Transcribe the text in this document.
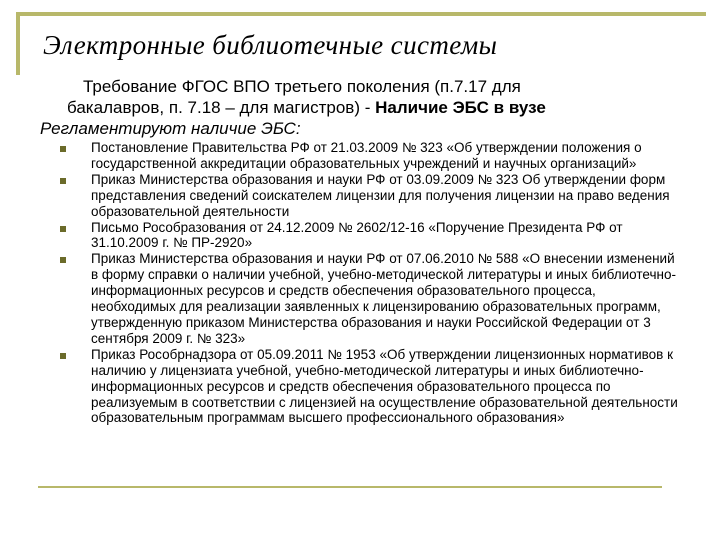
Электронные библиотечные системы
Требование ФГОС ВПО третьего поколения (п.7.17 для
бакалавров, п. 7.18 – для магистров) - Наличие ЭБС в вузе
Регламентируют наличие ЭБС:
Постановление Правительства РФ от 21.03.2009 № 323 «Об утверждении положения о государственной аккредитации образовательных учреждений и научных организаций»
Приказ Министерства образования и науки РФ от 03.09.2009 № 323 Об утверждении форм представления сведений соискателем лицензии для получения лицензии на право ведения образовательной деятельности
Письмо Рособразования от 24.12.2009 № 2602/12-16 «Поручение Президента РФ от 31.10.2009 г. № ПР-2920»
Приказ Министерства образования и науки РФ от 07.06.2010 № 588 «О внесении изменений в форму справки о наличии учебной, учебно-методической литературы и иных библиотечно-информационных ресурсов и средств обеспечения образовательного процесса, необходимых для реализации заявленных к лицензированию образовательных программ, утвержденную приказом Министерства образования и науки Российской Федерации от 3 сентября 2009 г. № 323»
Приказ Рособрнадзора от 05.09.2011 № 1953 «Об утверждении лицензионных нормативов к наличию у лицензиата учебной, учебно-методической литературы и иных библиотечно-информационных ресурсов и средств обеспечения образовательного процесса по реализуемым в соответствии с лицензией на осуществление образовательной деятельности образовательным программам высшего профессионального образования»
